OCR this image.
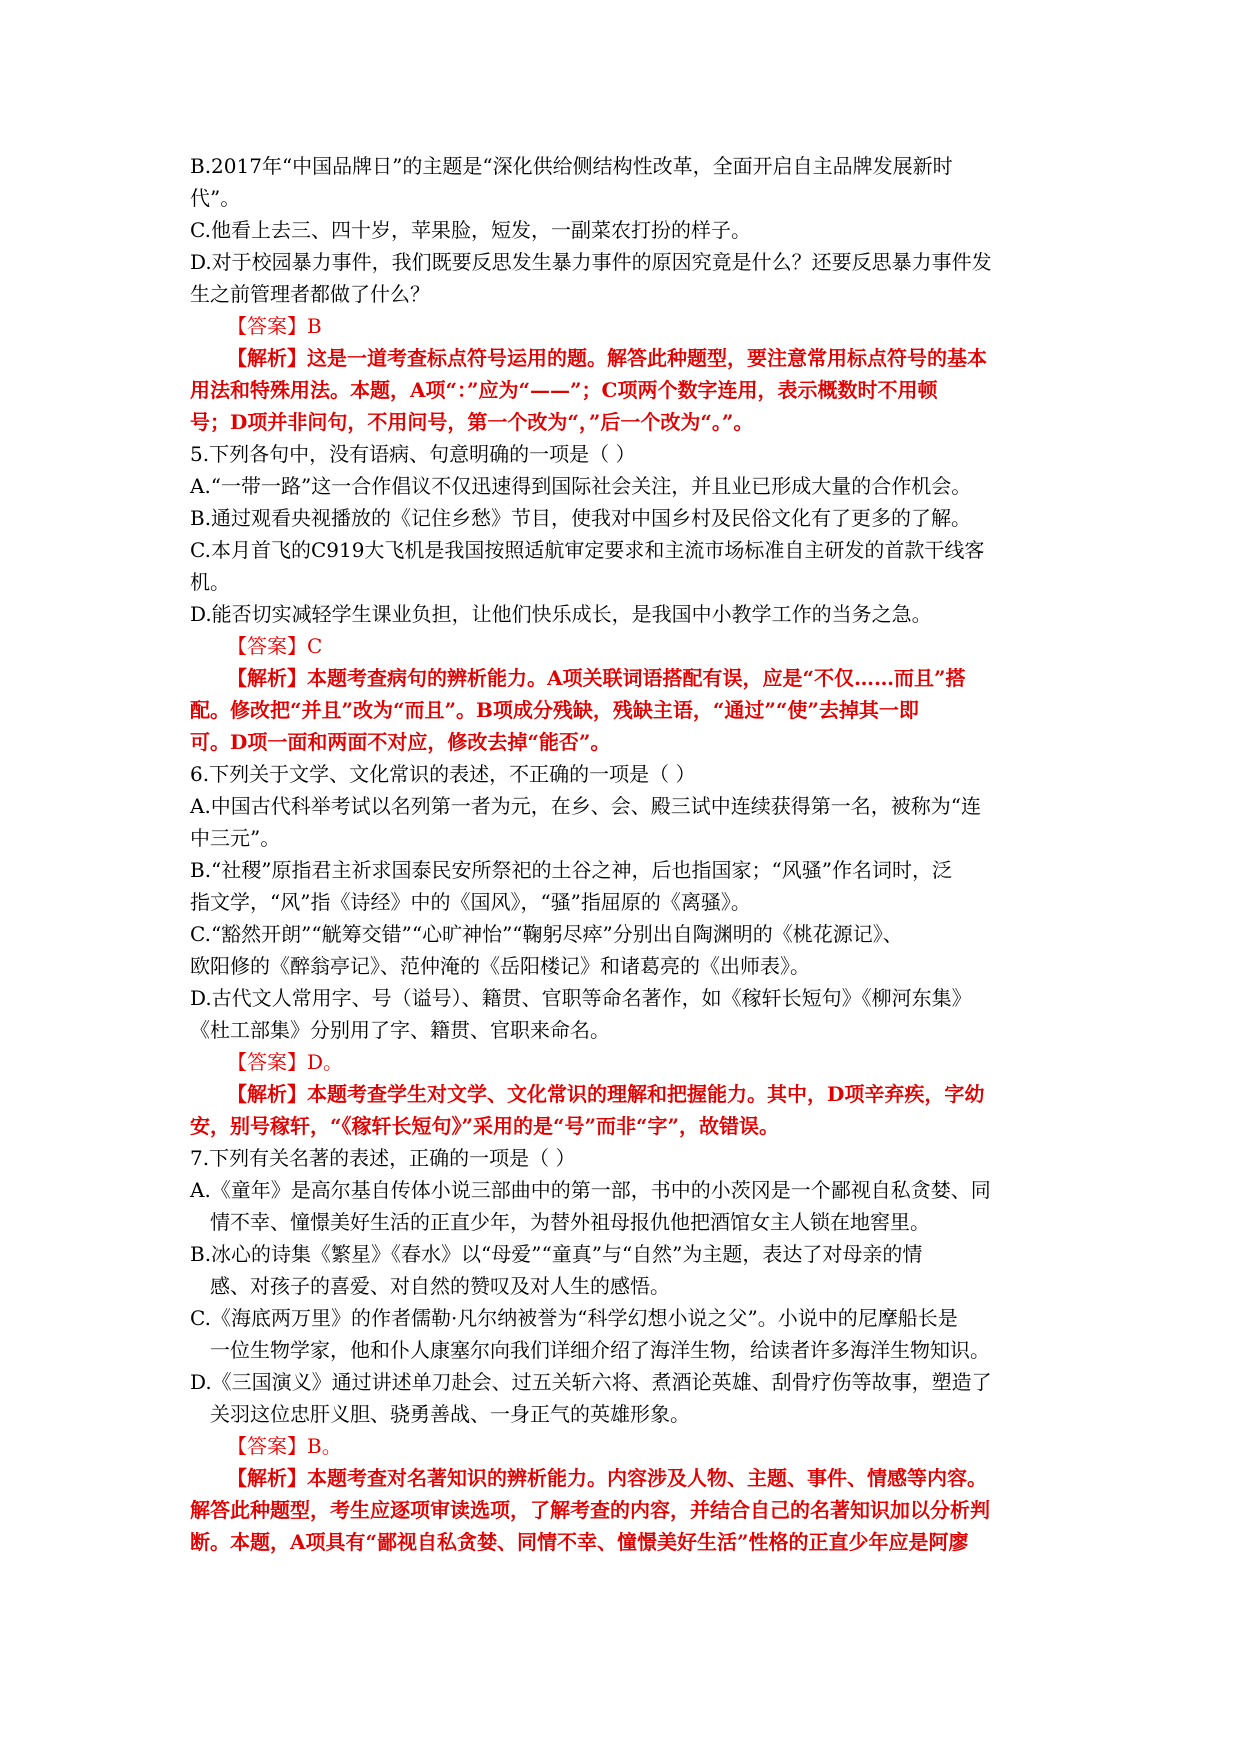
B.2017年“中国品牌日”的主题是“深化供给侧结构性改革，全面开启自主品牌发展新时
代”。
C.他看上去三、四十岁，苹果脸，短发，一副菜农打扮的样子。
D.对于校园暴力事件，我们既要反思发生暴力事件的原因究竟是什么？还要反思暴力事件发
生之前管理者都做了什么？
【答案】B
【解析】这是一道考查标点符号运用的题。解答此种题型，要注意常用标点符号的基本
用法和特殊用法。本题，A项“：”应为“——”；C项两个数字连用，表示概数时不用顿
号；D项并非问句，不用问号，第一个改为“，”后一个改为“。”。
5.下列各句中，没有语病、句意明确的一项是（ ）
A.“一带一路”这一合作倡议不仅迅速得到国际社会关注，并且业已形成大量的合作机会。
B.通过观看央视播放的《记住乡愁》节目，使我对中国乡村及民俗文化有了更多的了解。
C.本月首飞的C919大飞机是我国按照适航审定要求和主流市场标准自主研发的首款干线客
机。
D.能否切实减轻学生课业负担，让他们快乐成长，是我国中小教学工作的当务之急。
【答案】C
【解析】本题考查病句的辨析能力。A项关联词语搭配有误，应是“不仅……而且”搭
配。修改把“并且”改为“而且”。B项成分残缺，残缺主语，“通过”“使”去掉其一即
可。D项一面和两面不对应，修改去掉“能否”。
6.下列关于文学、文化常识的表述，不正确的一项是（ ）
A.中国古代科举考试以名列第一者为元，在乡、会、殿三试中连续获得第一名，被称为“连
中三元”。
B.“社稷”原指君主祈求国泰民安所祭祀的土谷之神，后也指国家；“风骚”作名词时，泛
指文学，“风”指《诗经》中的《国风》，“骚”指屈原的《离骚》。
C.“豁然开朗”“觥筹交错”“心旷神怡”“鞠躬尽瘁”分别出自陶渊明的《桃花源记》、
欧阳修的《醉翁亭记》、范仲淹的《岳阳楼记》和诸葛亮的《出师表》。
D.古代文人常用字、号（谥号）、籍贯、官职等命名著作，如《稼轩长短句》《柳河东集》
《杜工部集》分别用了字、籍贯、官职来命名。
【答案】D。
【解析】本题考查学生对文学、文化常识的理解和把握能力。其中，D项辛弃疾，字幼
安，别号稼轩，“《稼轩长短句》”采用的是“号”而非“字”，故错误。
7.下列有关名著的表述，正确的一项是（ ）
A.《童年》是高尔基自传体小说三部曲中的第一部，书中的小茨冈是一个鄙视自私贪婪、同
情不幸、憧憬美好生活的正直少年，为替外祖母报仇他把酒馆女主人锁在地窖里。
B.冰心的诗集《繁星》《春水》以“母爱”“童真”与“自然”为主题，表达了对母亲的情
感、对孩子的喜爱、对自然的赞叹及对人生的感悟。
C.《海底两万里》的作者儒勒·凡尔纳被誉为“科学幻想小说之父”。小说中的尼摩船长是
一位生物学家，他和仆人康塞尔向我们详细介绍了海洋生物，给读者许多海洋生物知识。
D.《三国演义》通过讲述单刀赴会、过五关斩六将、煮酒论英雄、刮骨疗伤等故事，塑造了
关羽这位忠肝义胆、骁勇善战、一身正气的英雄形象。
【答案】B。
【解析】本题考查对名著知识的辨析能力。内容涉及人物、主题、事件、情感等内容。
解答此种题型，考生应逐项审读选项，了解考查的内容，并结合自己的名著知识加以分析判
断。本题，A项具有“鄙视自私贪婪、同情不幸、憧憬美好生活”性格的正直少年应是阿廖
